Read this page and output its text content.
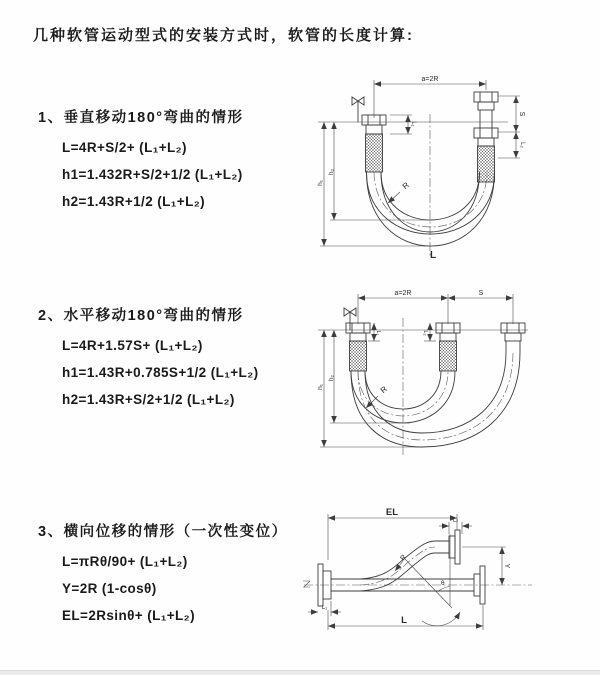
几种软管运动型式的安装方式时，软管的长度计算:
1、垂直移动180°弯曲的情形
L=4R+S/2+ (L₁+L₂)
h1=1.432R+S/2+1/2 (L₁+L₂)
h2=1.43R+1/2 (L₁+L₂)
a=2R
S
L₂
L₁
h₁
h₂
R
L
2、水平移动180°弯曲的情形
L=4R+1.57S+ (L₁+L₂)
h1=1.43R+0.785S+1/2 (L₁+L₂)
h2=1.43R+S/2+1/2 (L₁+L₂)
a=2R	S
L₁	L₂
h₁
h₂
R
3、横向位移的情形（一次性变位）
L=πRθ/90+ (L₁+L₂)
Y=2R (1-cosθ)
EL=2Rsinθ+ (L₁+L₂)
EL
L₂
Y
L
L₁
θ
R
